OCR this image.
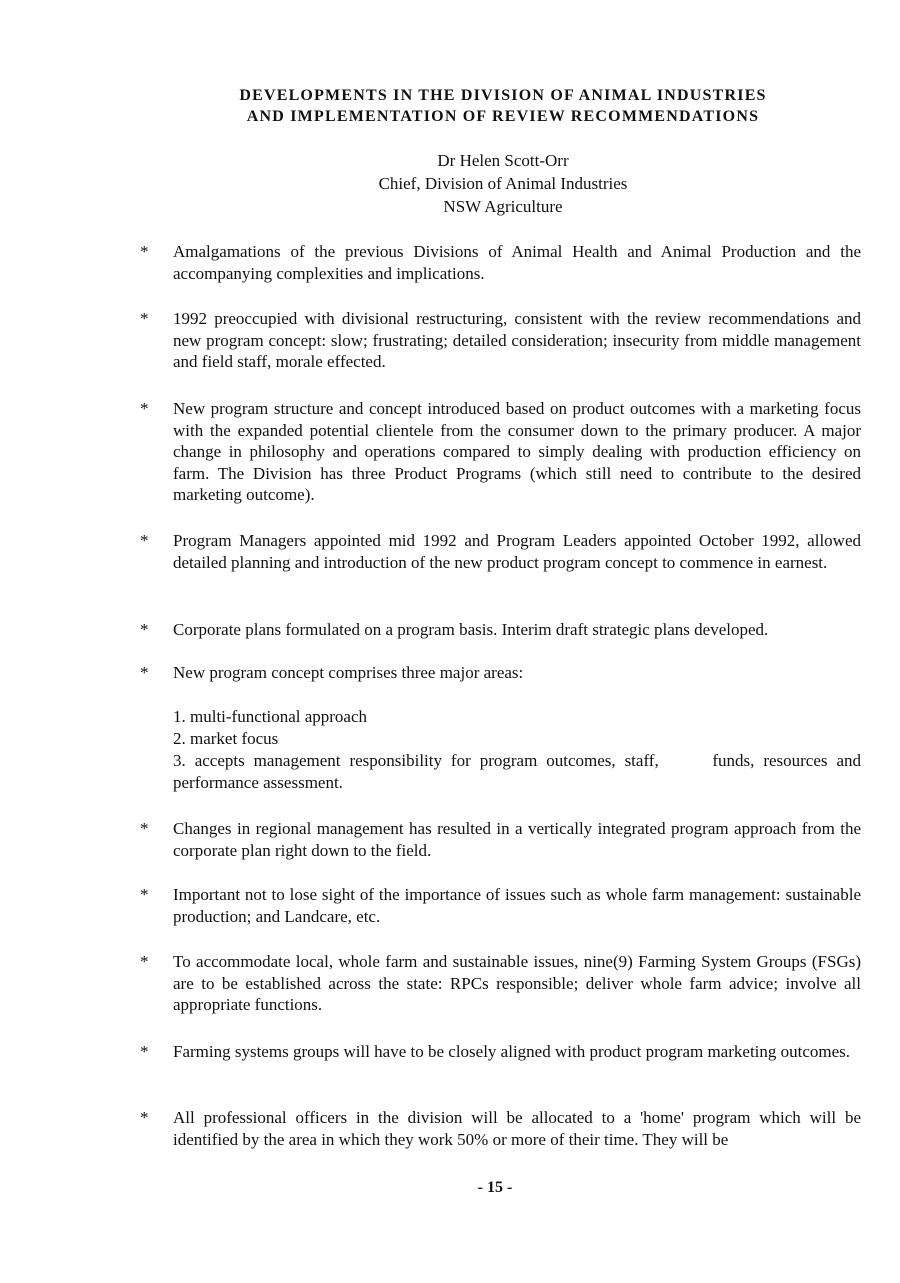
DEVELOPMENTS IN THE DIVISION OF ANIMAL INDUSTRIES
AND IMPLEMENTATION OF REVIEW RECOMMENDATIONS
Dr Helen Scott-Orr
Chief, Division of Animal Industries
NSW Agriculture
* Amalgamations of the previous Divisions of Animal Health and Animal Production and the accompanying complexities and implications.
* 1992 preoccupied with divisional restructuring, consistent with the review recommendations and new program concept: slow; frustrating; detailed consideration; insecurity from middle management and field staff, morale effected.
* New program structure and concept introduced based on product outcomes with a marketing focus with the expanded potential clientele from the consumer down to the primary producer. A major change in philosophy and operations compared to simply dealing with production efficiency on farm. The Division has three Product Programs (which still need to contribute to the desired marketing outcome).
* Program Managers appointed mid 1992 and Program Leaders appointed October 1992, allowed detailed planning and introduction of the new product program concept to commence in earnest.
* Corporate plans formulated on a program basis. Interim draft strategic plans developed.
* New program concept comprises three major areas:
1. multi-functional approach
2. market focus
3. accepts management responsibility for program outcomes, staff,      funds, resources and performance assessment.
* Changes in regional management has resulted in a vertically integrated program approach from the corporate plan right down to the field.
* Important not to lose sight of the importance of issues such as whole farm management: sustainable production; and Landcare, etc.
* To accommodate local, whole farm and sustainable issues, nine(9) Farming System Groups (FSGs) are to be established across the state: RPCs responsible; deliver whole farm advice; involve all appropriate functions.
* Farming systems groups will have to be closely aligned with product program marketing outcomes.
* All professional officers in the division will be allocated to a 'home' program which will be identified by the area in which they work 50% or more of their time. They will be
- 15 -
